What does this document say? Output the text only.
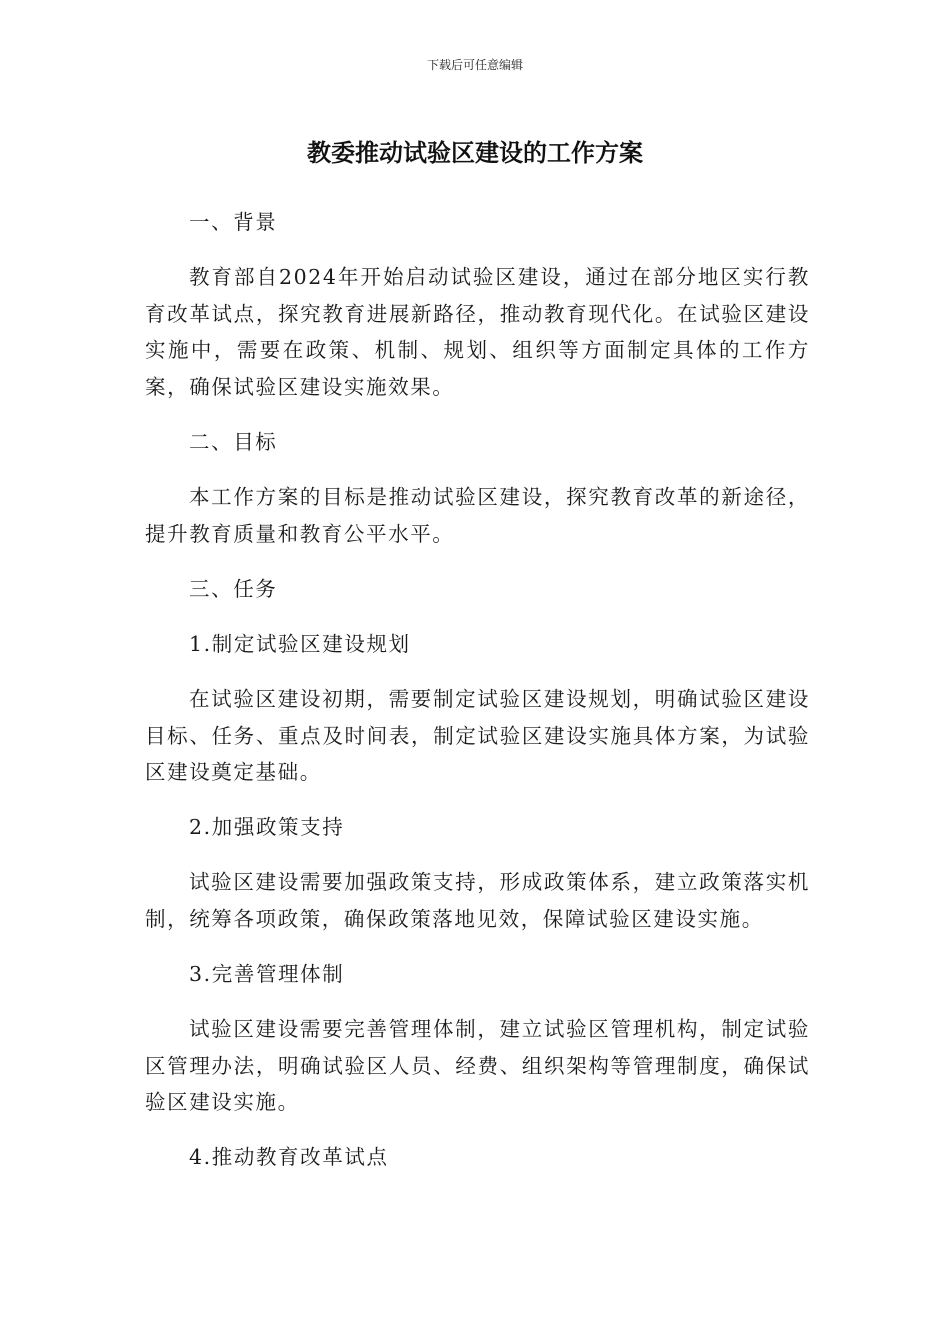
下载后可任意编辑
教委推动试验区建设的工作方案

一、背景

教育部自2024年开始启动试验区建设，通过在部分地区实行教育改革试点，探究教育进展新路径，推动教育现代化。在试验区建设实施中，需要在政策、机制、规划、组织等方面制定具体的工作方案，确保试验区建设实施效果。

二、目标

本工作方案的目标是推动试验区建设，探究教育改革的新途径，提升教育质量和教育公平水平。

三、任务

1.制定试验区建设规划

在试验区建设初期，需要制定试验区建设规划，明确试验区建设目标、任务、重点及时间表，制定试验区建设实施具体方案，为试验区建设奠定基础。

2.加强政策支持

试验区建设需要加强政策支持，形成政策体系，建立政策落实机制，统筹各项政策，确保政策落地见效，保障试验区建设实施。

3.完善管理体制

试验区建设需要完善管理体制，建立试验区管理机构，制定试验区管理办法，明确试验区人员、经费、组织架构等管理制度，确保试验区建设实施。

4.推动教育改革试点
